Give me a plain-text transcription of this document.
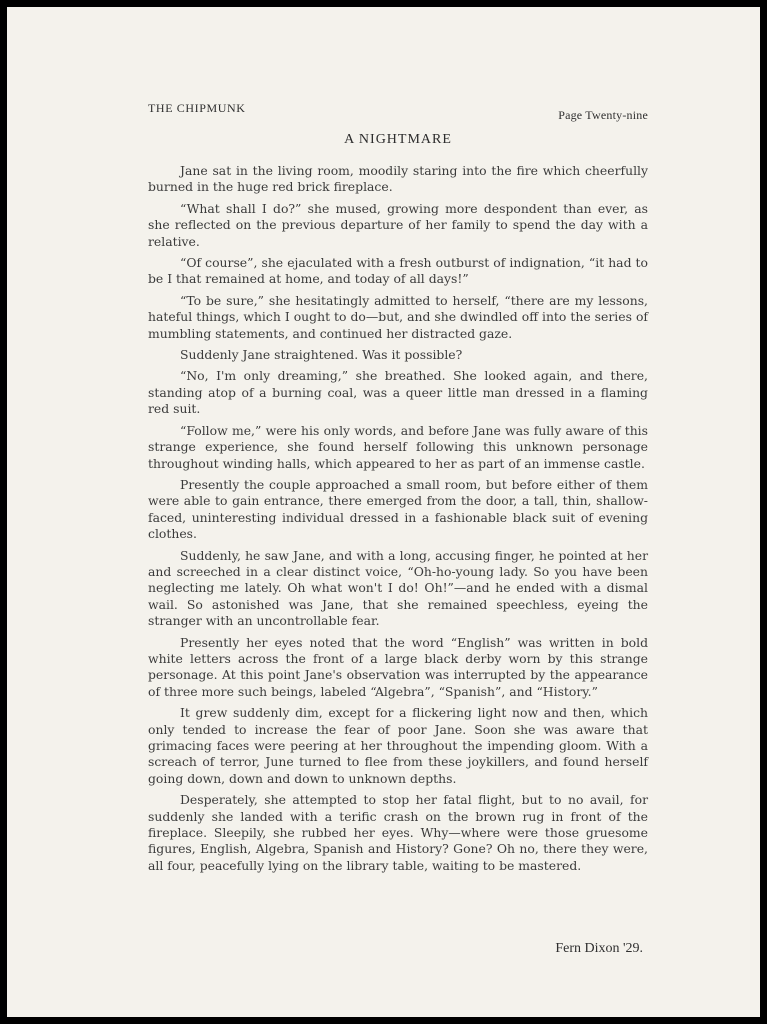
THE CHIPMUNK	Page Twenty-nine
A NIGHTMARE

Jane sat in the living room, moodily staring into the fire which cheerfully burned in the huge red brick fireplace.

“What shall I do?” she mused, growing more despondent than ever, as she reflected on the previous departure of her family to spend the day with a relative.

“Of course”, she ejaculated with a fresh outburst of indignation, “it had to be I that remained at home, and today of all days!”

“To be sure,” she hesitatingly admitted to herself, “there are my lessons, hateful things, which I ought to do—but, and she dwindled off into the series of mumbling statements, and continued her distracted gaze.

Suddenly Jane straightened. Was it possible?

“No, I'm only dreaming,” she breathed. She looked again, and there, standing atop of a burning coal, was a queer little man dressed in a flaming red suit.

“Follow me,” were his only words, and before Jane was fully aware of this strange experience, she found herself following this unknown personage throughout winding halls, which appeared to her as part of an immense castle.

Presently the couple approached a small room, but before either of them were able to gain entrance, there emerged from the door, a tall, thin, shallow-faced, uninteresting individual dressed in a fashionable black suit of evening clothes.

Suddenly, he saw Jane, and with a long, accusing finger, he pointed at her and screeched in a clear distinct voice, “Oh-ho-young lady. So you have been neglecting me lately. Oh what won't I do! Oh!”—and he ended with a dismal wail. So astonished was Jane, that she remained speechless, eyeing the stranger with an uncontrollable fear.

Presently her eyes noted that the word “English” was written in bold white letters across the front of a large black derby worn by this strange personage. At this point Jane's observation was interrupted by the appearance of three more such beings, labeled “Algebra”, “Spanish”, and “History.”

It grew suddenly dim, except for a flickering light now and then, which only tended to increase the fear of poor Jane. Soon she was aware that grimacing faces were peering at her throughout the impending gloom. With a screach of terror, June turned to flee from these joykillers, and found herself going down, down and down to unknown depths.

Desperately, she attempted to stop her fatal flight, but to no avail, for suddenly she landed with a terific crash on the brown rug in front of the fireplace. Sleepily, she rubbed her eyes. Why—where were those gruesome figures, English, Algebra, Spanish and History? Gone? Oh no, there they were, all four, peacefully lying on the library table, waiting to be mastered.

Fern Dixon '29.
